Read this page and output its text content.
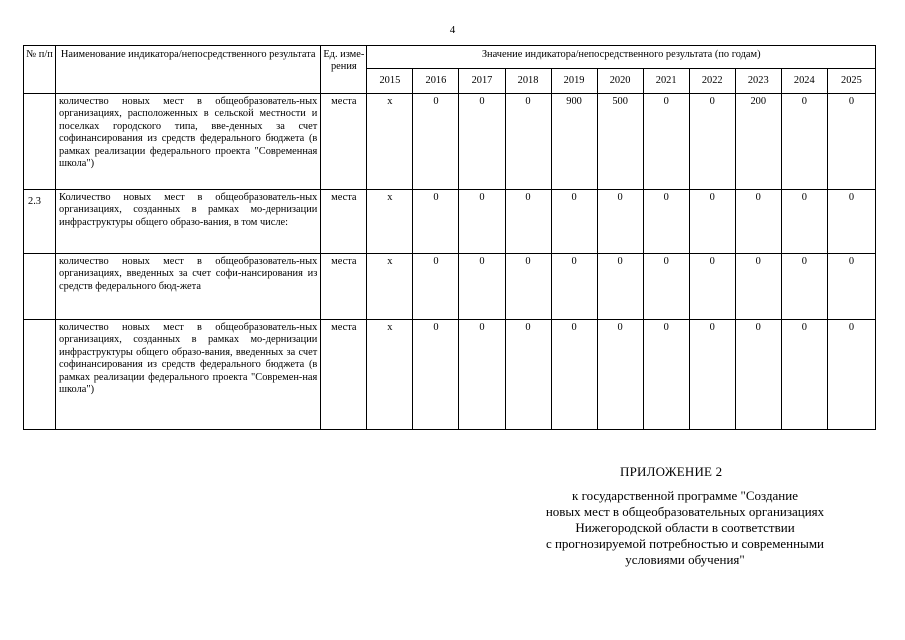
4
№ п/п	Наименование индикатора/непосредственного результата	Ед. изме-рения	Значение индикатора/непосредственного результата (по годам)										
			2015	2016	2017	2018	2019	2020	2021	2022	2023	2024	2025
	количество новых мест в общеобразователь-ных организациях, расположенных в сельской местности и поселках городского типа, вве-денных за счет софинансирования из средств федерального бюджета (в рамках реализации федерального проекта "Современная школа")	места	x	0	0	0	900	500	0	0	200	0	0
2.3	Количество новых мест в общеобразователь-ных организациях, созданных в рамках мо-дернизации инфраструктуры общего образо-вания, в том числе:	места	x	0	0	0	0	0	0	0	0	0	0
	количество новых мест в общеобразователь-ных организациях, введенных за счет софи-нансирования из средств федерального бюд-жета	места	x	0	0	0	0	0	0	0	0	0	0
	количество новых мест в общеобразователь-ных организациях, созданных в рамках мо-дернизации инфраструктуры общего образо-вания, введенных за счет софинансирования из средств федерального бюджета (в рамках реализации федерального проекта "Современ-ная школа")	места	x	0	0	0	0	0	0	0	0	0	0
ПРИЛОЖЕНИЕ 2
к государственной программе "Создание
новых мест в общеобразовательных организациях
Нижегородской области в соответствии
с прогнозируемой потребностью и современными
условиями обучения"
